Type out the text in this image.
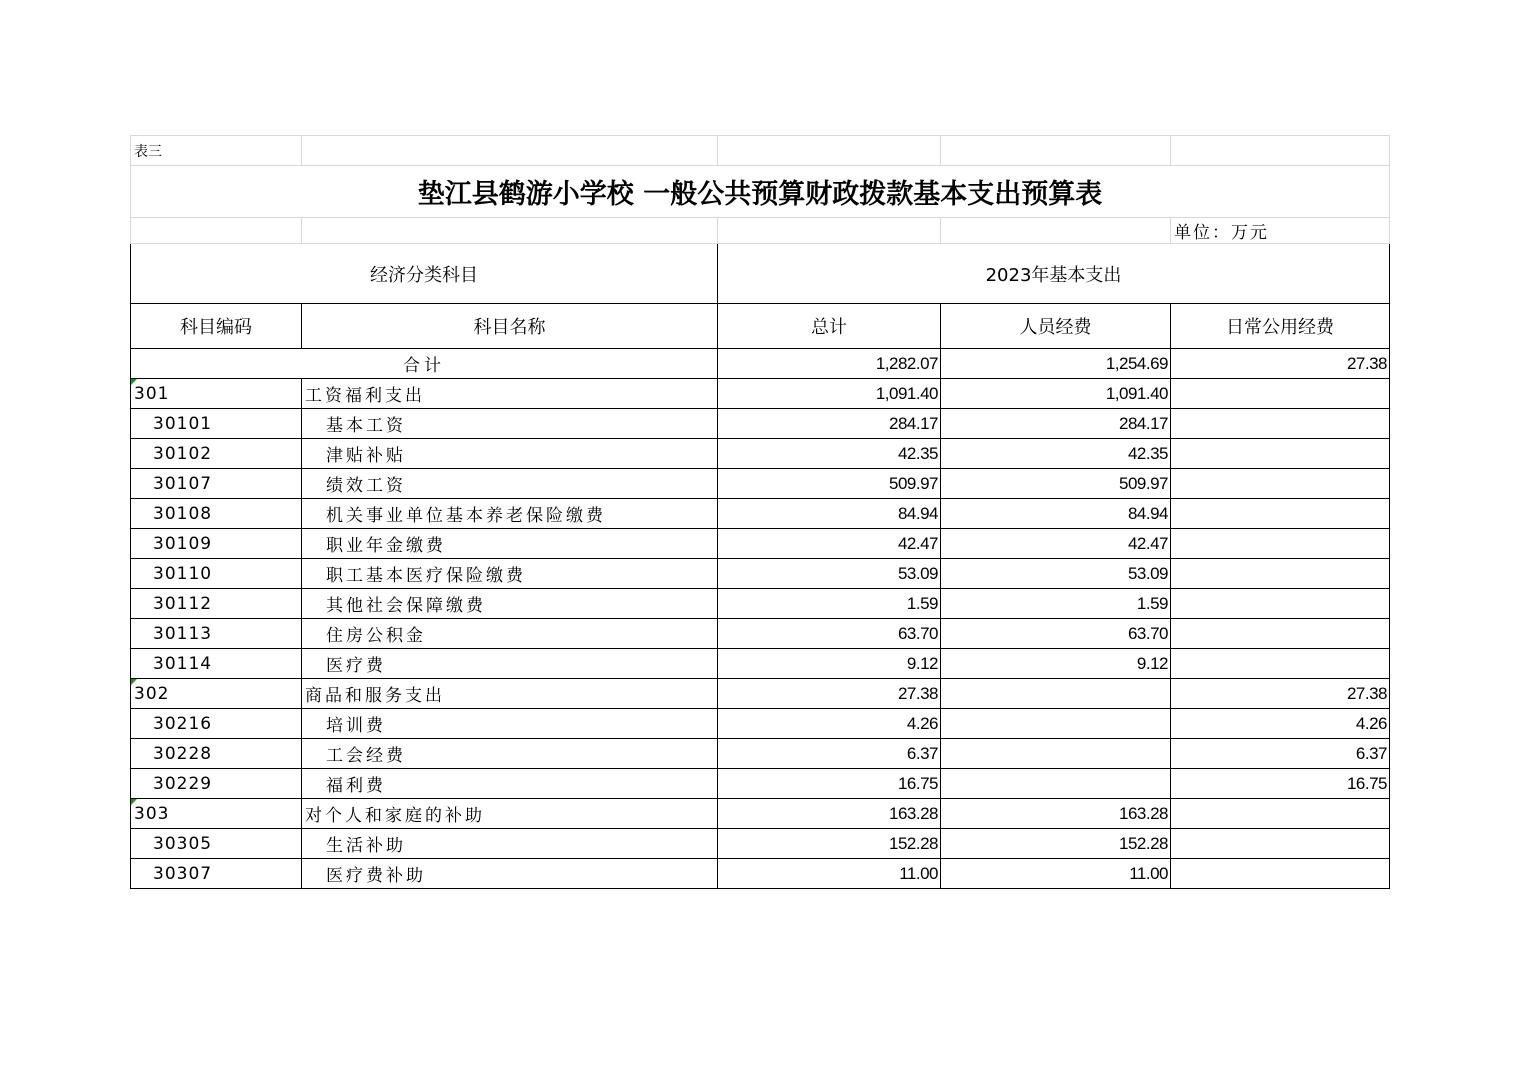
表三				
垫江县鹤游小学校 一般公共预算财政拨款基本支出预算表				
				单位：万元
经济分类科目		2023年基本支出		
科目编码	科目名称	总计	人员经费	日常公用经费
合计		1,282.07	1,254.69	27.38

301	工资福利支出	1,091.40	1,091.40	
30101	基本工资	284.17	284.17	
30102	津贴补贴	42.35	42.35	
30107	绩效工资	509.97	509.97	
30108	机关事业单位基本养老保险缴费	84.94	84.94	
30109	职业年金缴费	42.47	42.47	
30110	职工基本医疗保险缴费	53.09	53.09	
30112	其他社会保障缴费	1.59	1.59	
30113	住房公积金	63.70	63.70	
30114	医疗费	9.12	9.12	

302	商品和服务支出	27.38		27.38
30216	培训费	4.26		4.26
30228	工会经费	6.37		6.37
30229	福利费	16.75		16.75

303	对个人和家庭的补助	163.28	163.28	
30305	生活补助	152.28	152.28	
30307	医疗费补助	11.00	11.00	
